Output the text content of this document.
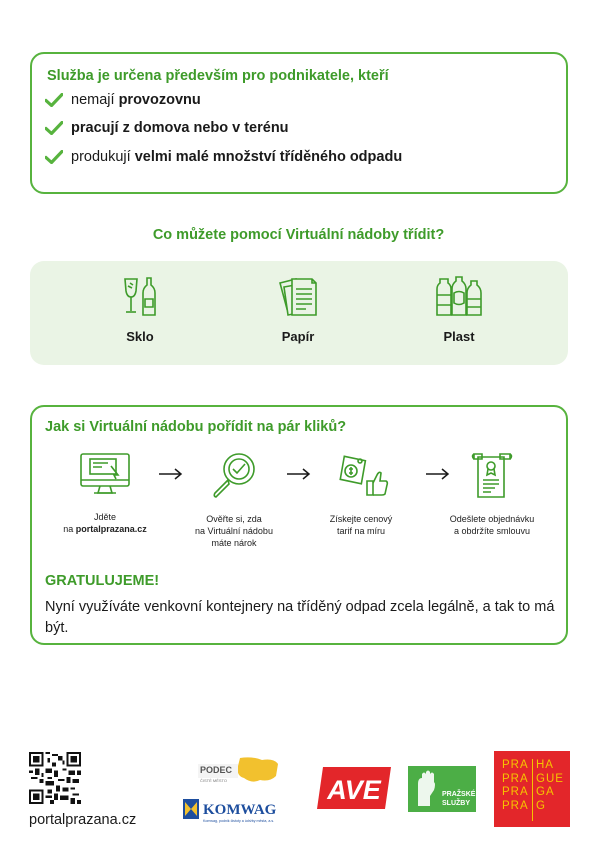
Služba je určena především pro podnikatele, kteří
nemají provozovnu
pracují z domova nebo v terénu
produkují velmi malé množství tříděného odpadu
Co můžete pomocí Virtuální nádoby třídit?
Sklo	Papír	Plast
Jak si Virtuální nádobu pořídit na pár kliků?
Jděte
na portalprazana.cz
Ověřte si, zda
na Virtuální nádobu
máte nárok
Získejte cenový
tarif na míru
Odešlete objednávku
a obdržíte smlouvu
GRATULUJEME!
Nyní využíváte venkovní kontejnery na tříděný odpad zcela legálně, a tak to má být.
portalprazana.cz
PODEC
ČISTÉ MĚSTO
KOMWAG
Komwag, podnik čistoty a údržby města, a.s.
AVE	PRAŽSKÉ
SLUŽBY
PRA HA
PRA GUE
PRA GA
PRA G
